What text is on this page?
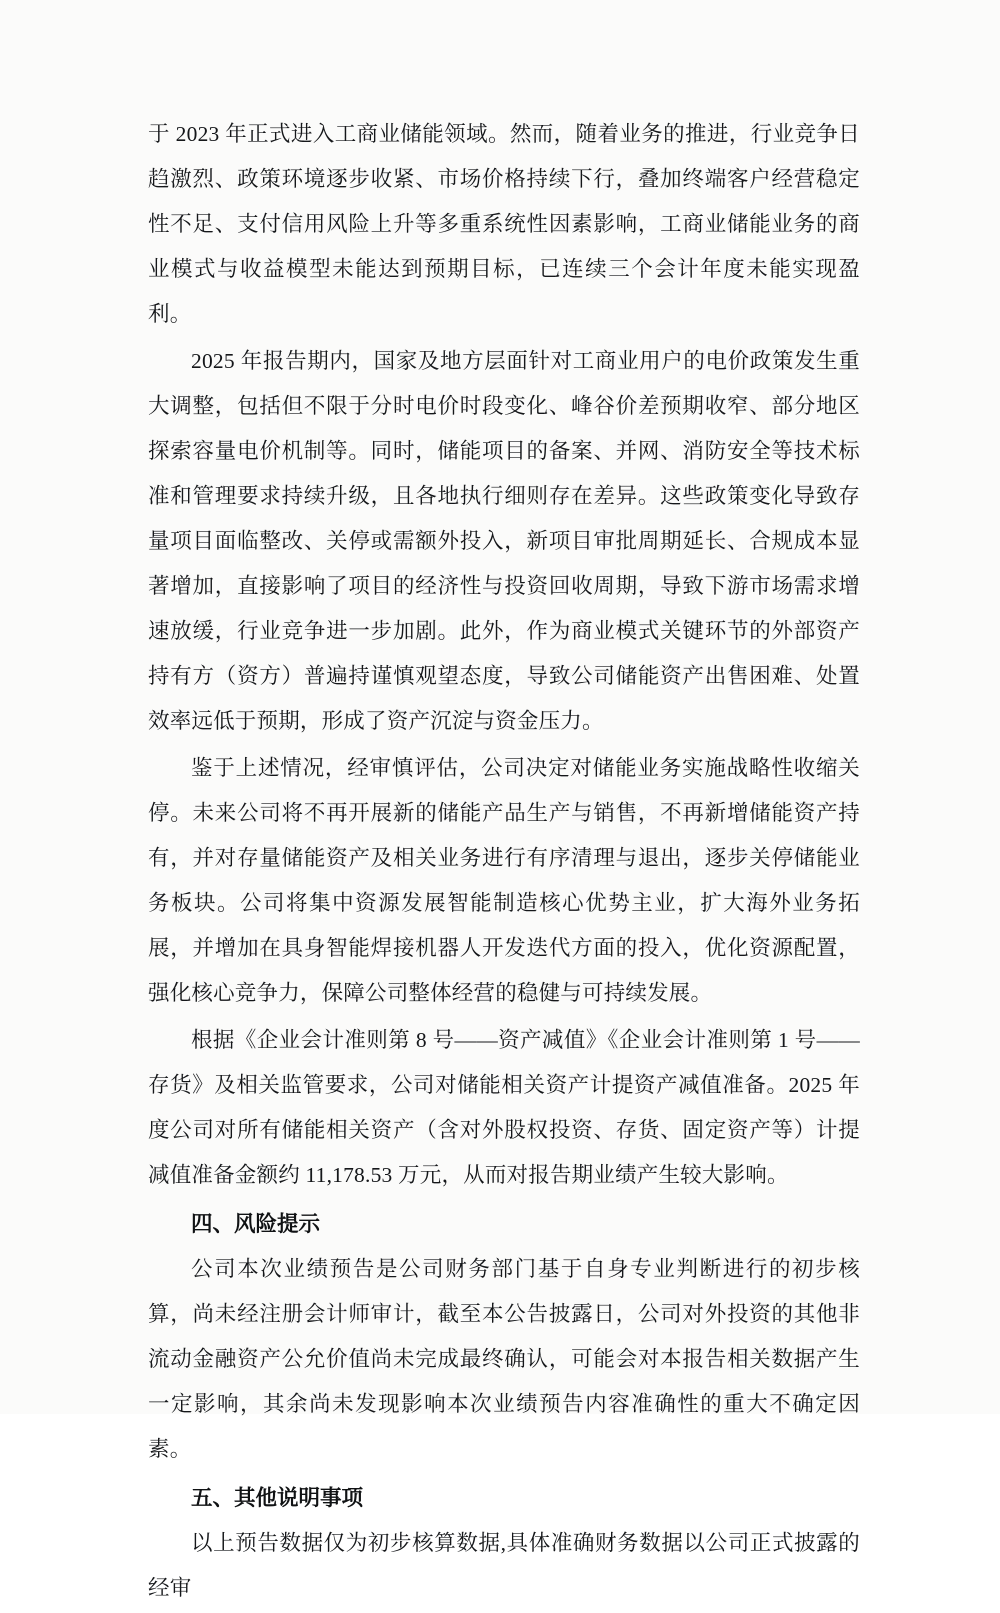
于 2023 年正式进入工商业储能领域。然而，随着业务的推进，行业竞争日趋激烈、政策环境逐步收紧、市场价格持续下行，叠加终端客户经营稳定性不足、支付信用风险上升等多重系统性因素影响，工商业储能业务的商业模式与收益模型未能达到预期目标，已连续三个会计年度未能实现盈利。

2025 年报告期内，国家及地方层面针对工商业用户的电价政策发生重大调整，包括但不限于分时电价时段变化、峰谷价差预期收窄、部分地区探索容量电价机制等。同时，储能项目的备案、并网、消防安全等技术标准和管理要求持续升级，且各地执行细则存在差异。这些政策变化导致存量项目面临整改、关停或需额外投入，新项目审批周期延长、合规成本显著增加，直接影响了项目的经济性与投资回收周期，导致下游市场需求增速放缓，行业竞争进一步加剧。此外，作为商业模式关键环节的外部资产持有方（资方）普遍持谨慎观望态度，导致公司储能资产出售困难、处置效率远低于预期，形成了资产沉淀与资金压力。

鉴于上述情况，经审慎评估，公司决定对储能业务实施战略性收缩关停。未来公司将不再开展新的储能产品生产与销售，不再新增储能资产持有，并对存量储能资产及相关业务进行有序清理与退出，逐步关停储能业务板块。公司将集中资源发展智能制造核心优势主业，扩大海外业务拓展，并增加在具身智能焊接机器人开发迭代方面的投入，优化资源配置，强化核心竞争力，保障公司整体经营的稳健与可持续发展。

根据《企业会计准则第 8 号——资产减值》《企业会计准则第 1 号——存货》及相关监管要求，公司对储能相关资产计提资产减值准备。2025 年度公司对所有储能相关资产（含对外股权投资、存货、固定资产等）计提减值准备金额约 11,178.53 万元，从而对报告期业绩产生较大影响。

四、风险提示

公司本次业绩预告是公司财务部门基于自身专业判断进行的初步核算，尚未经注册会计师审计，截至本公告披露日，公司对外投资的其他非流动金融资产公允价值尚未完成最终确认，可能会对本报告相关数据产生一定影响，其余尚未发现影响本次业绩预告内容准确性的重大不确定因素。

五、其他说明事项

以上预告数据仅为初步核算数据,具体准确财务数据以公司正式披露的经审
